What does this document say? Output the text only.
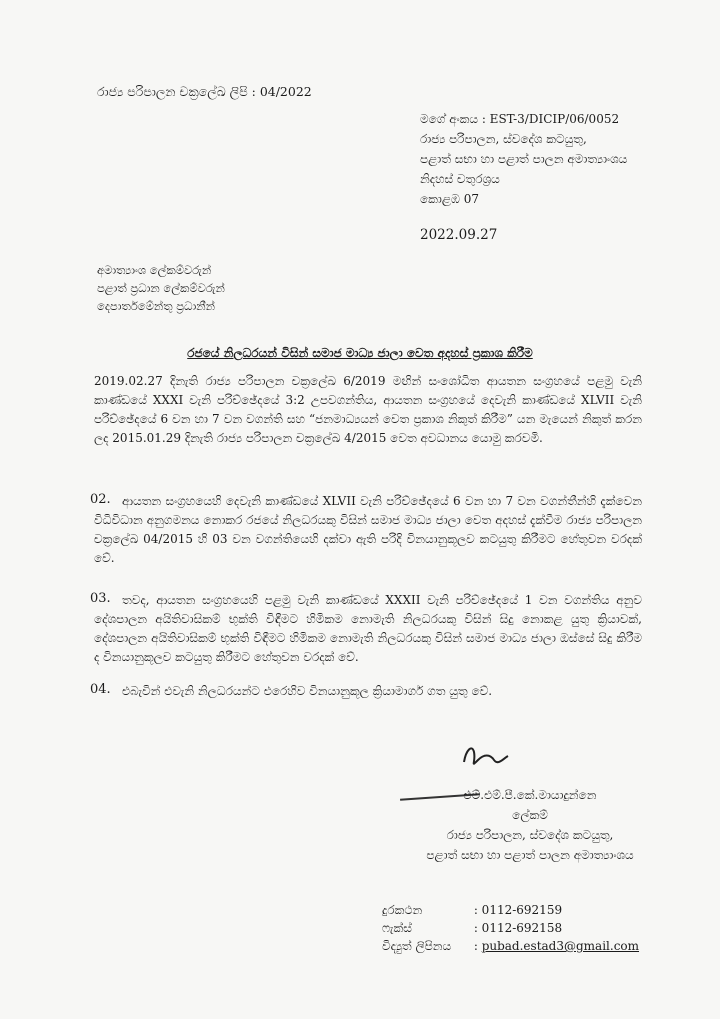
රාජ්‍ය පරිපාලන චක්‍රලේඛ ලිපි : 04/2022
මගේ අංකය : EST-3/DICIP/06/0052
රාජ්‍ය පරිපාලන, ස්වදේශ කටයුතු,
පළාත් සභා හා පළාත් පාලන අමාත්‍යාංශය
නිදහස් චතුරශ්‍රය
කොළඹ 07
2022.09.27
අමාත්‍යාංශ ලේකම්වරුන්
පළාත් ප්‍රධාන ලේකම්වරුන්
දෙපාර්තමේන්තු ප්‍රධානීන්
රජයේ නිලධරයන් විසින් සමාජ මාධ්‍ය ජාලා වෙත අදහස් ප්‍රකාශ කිරීම
2019.02.27 දිනැති රාජ්‍ය පරිපාලන චක්‍රලේඛ 6/2019 මඟින් සංශෝධිත ආයතන සංග්‍රහයේ පළමු වැනි කාණ්ඩයේ XXXI වැනි පරිච්ඡේදයේ 3:2 උපවගන්තිය, ආයතන සංග්‍රහයේ දෙවැනි කාණ්ඩයේ XLVII වැනි පරිච්ඡේදයේ 6 වන හා 7 වන වගන්ති සහ “ජනමාධ්‍යයන් වෙත ප්‍රකාශ නිකුත් කිරීම” යන මැයෙන් නිකුත් කරන ලද 2015.01.29 දිනැති රාජ්‍ය පරිපාලන චක්‍රලේඛ 4/2015 වෙත අවධානය යොමු කරවමි.
02. ආයතන සංග්‍රහයෙහි දෙවැනි කාණ්ඩයේ XLVII වැනි පරිච්ඡේදයේ 6 වන හා 7 වන වගන්තීන්හි දැක්වෙන විධිවිධාන අනුගමනය නොකර රජයේ නිලධරයකු විසින් සමාජ මාධ්‍ය ජාලා වෙත අදහස් දැක්වීම රාජ්‍ය පරිපාලන චක්‍රලේඛ 04/2015 හි 03 වන වගන්තියෙහි දක්වා ඇති පරිදි විනයානුකූලව කටයුතු කිරීමට හේතුවන වරදක් වේ.
03. තවද, ආයතන සංග්‍රහයෙහි පළමු වැනි කාණ්ඩයේ XXXII වැනි පරිච්ඡේදයේ 1 වන වගන්තිය අනුව දේශපාලන අයිතිවාසිකම් භුක්ති විඳීමට හිමිකම නොමැති නිලධරයකු විසින් සිදු නොකළ යුතු ක්‍රියාවක්, දේශපාලන අයිතිවාසිකම් භුක්ති විඳීමට හිමිකම නොමැති නිලධරයකු විසින් සමාජ මාධ්‍ය ජාලා ඔස්සේ සිදු කිරීම ද විනයානුකූලව කටයුතු කිරීමට හේතුවන වරදක් වේ.
04. එබැවින් එවැනි නිලධරයන්ට එරෙහිව විනයානුකූල ක්‍රියාමාර්ග ගත යුතු වේ.
එම්.එම්.පී.කේ.මායාදුන්නෙ
ලේකම්
රාජ්‍ය පරිපාලන, ස්වදේශ කටයුතු,
පළාත් සභා හා පළාත් පාලන අමාත්‍යාංශය
දුරකථන	: 0112-692159
ෆැක්ස්	: 0112-692158
විද්‍යුත් ලිපිනය : pubad.estad3@gmail.com
